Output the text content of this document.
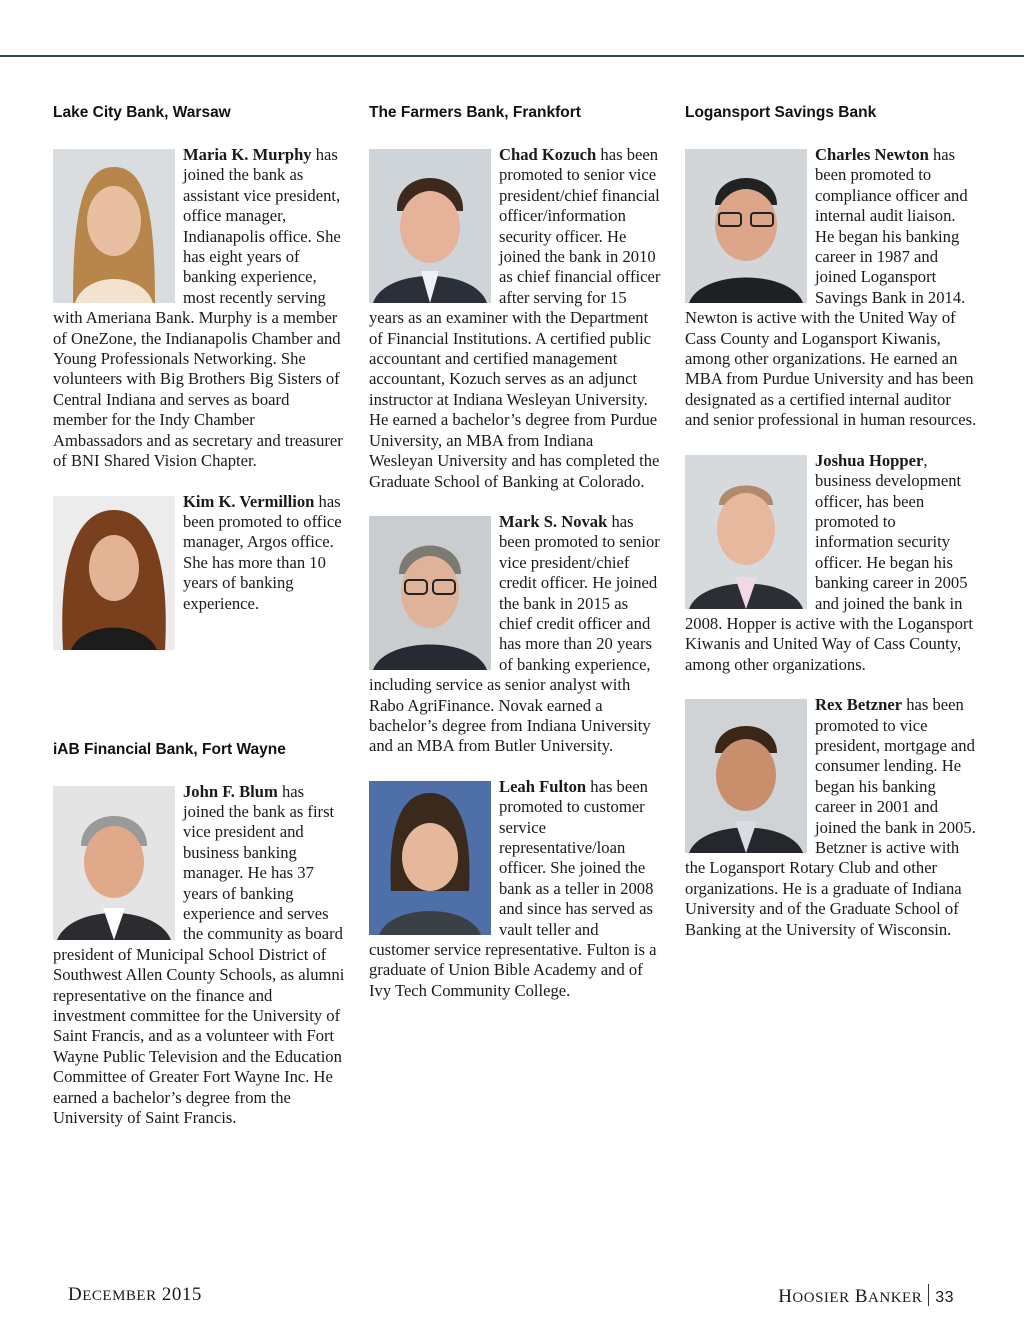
Lake City Bank, Warsaw

Maria K. Murphy has joined the bank as assistant vice president, office manager, Indianapolis office. She has eight years of banking experience, most recently serving with Ameriana Bank. Murphy is a member of OneZone, the Indianapolis Chamber and Young Professionals Networking. She volunteers with Big Brothers Big Sisters of Central Indiana and serves as board member for the Indy Chamber Ambassadors and as secretary and treasurer of BNI Shared Vision Chapter.

Kim K. Vermillion has been promoted to office manager, Argos office. She has more than 10 years of banking experience.

iAB Financial Bank, Fort Wayne

John F. Blum has joined the bank as first vice president and business banking manager. He has 37 years of banking experience and serves the community as board president of Municipal School District of Southwest Allen County Schools, as alumni representative on the finance and investment committee for the University of Saint Francis, and as a volunteer with Fort Wayne Public Television and the Education Committee of Greater Fort Wayne Inc. He earned a bachelor’s degree from the University of Saint Francis.

The Farmers Bank, Frankfort

Chad Kozuch has been promoted to senior vice president/chief financial officer/information security officer. He joined the bank in 2010 as chief financial officer after serving for 15 years as an examiner with the Department of Financial Institutions. A certified public accountant and certified management accountant, Kozuch serves as an adjunct instructor at Indiana Wesleyan University. He earned a bachelor’s degree from Purdue University, an MBA from Indiana Wesleyan University and has completed the Graduate School of Banking at Colorado.

Mark S. Novak has been promoted to senior vice president/chief credit officer. He joined the bank in 2015 as chief credit officer and has more than 20 years of banking experience, including service as senior analyst with Rabo AgriFinance. Novak earned a bachelor’s degree from Indiana University and an MBA from Butler University.

Leah Fulton has been promoted to customer service representative/loan officer. She joined the bank as a teller in 2008 and since has served as vault teller and customer service representative. Fulton is a graduate of Union Bible Academy and of Ivy Tech Community College.

Logansport Savings Bank

Charles Newton has been promoted to compliance officer and internal audit liaison. He began his banking career in 1987 and joined Logansport Savings Bank in 2014. Newton is active with the United Way of Cass County and Logansport Kiwanis, among other organizations. He earned an MBA from Purdue University and has been designated as a certified internal auditor and senior professional in human resources.

Joshua Hopper, business development officer, has been promoted to information security officer. He began his banking career in 2005 and joined the bank in 2008. Hopper is active with the Logansport Kiwanis and United Way of Cass County, among other organizations.

Rex Betzner has been promoted to vice president, mortgage and consumer lending. He began his banking career in 2001 and joined the bank in 2005. Betzner is active with the Logansport Rotary Club and other organizations. He is a graduate of Indiana University and of the Graduate School of Banking at the University of Wisconsin.

DECEMBER 2015	HOOSIER BANKER 33
